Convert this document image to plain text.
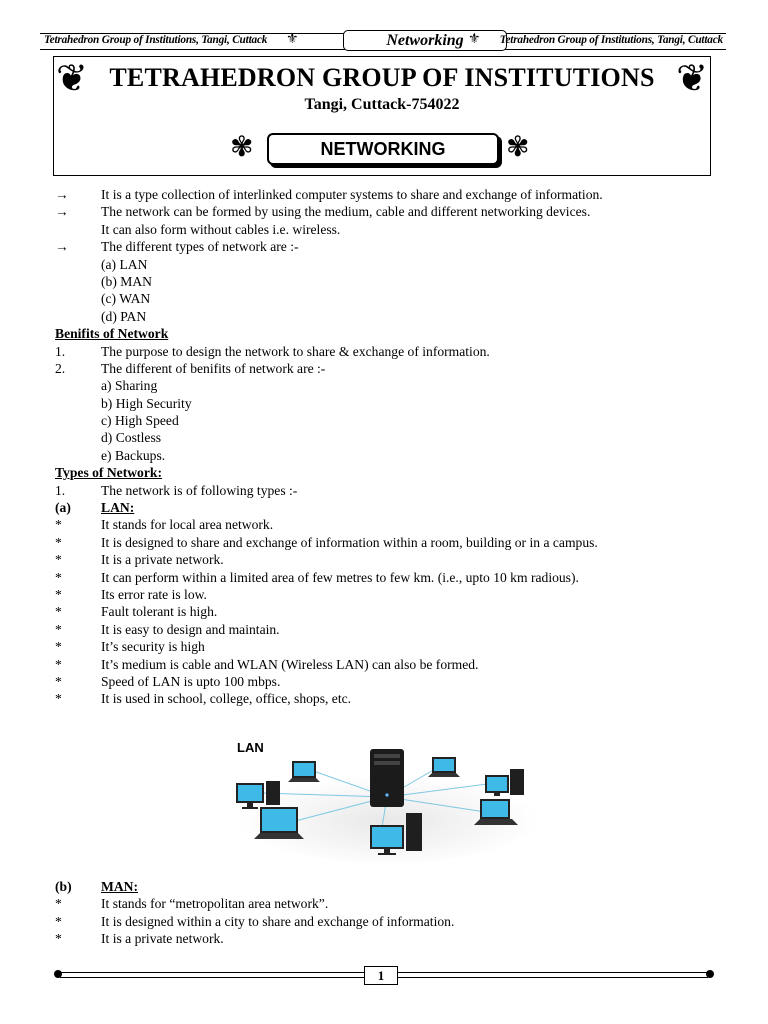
Tetrahedron Group of Institutions, Tangi, Cuttack ⚜	Networking ⚜ Tetrahedron Group of Institutions, Tangi, Cuttack
❦	❦
TETRAHEDRON GROUP OF INSTITUTIONS
Tangi, Cuttack-754022
✾	NETWORKING	✾
→ It is a type collection of interlinked computer systems to share and exchange of information.
→ The network can be formed by using the medium, cable and different networking devices.
It can also form without cables i.e. wireless.
→ The different types of network are :-
(a) LAN
(b) MAN
(c) WAN
(d) PAN
Benifits of Network
1.	The purpose to design the network to share & exchange of information.
2.	The different of benifits of network are :-
a) Sharing
b) High Security
c) High Speed
d) Costless
e) Backups.
Types of Network:
1.	The network is of following types :-
(a) LAN:
*	It stands for local area network.
*	It is designed to share and exchange of information within a room, building or in a campus.
*	It is a private network.
*	It can perform within a limited area of few metres to few km. (i.e., upto 10 km radious).
*	Its error rate is low.
*	Fault tolerant is high.
*	It is easy to design and maintain.
*	It’s security is high
*	It’s medium is cable and WLAN (Wireless LAN) can also be formed.
*	Speed of LAN is upto 100 mbps.
*	It is used in school, college, office, shops, etc.
LAN
(b) MAN:
*	It stands for “metropolitan area network”.
*	It is designed within a city to share and exchange of information.
*	It is a private network.
1
